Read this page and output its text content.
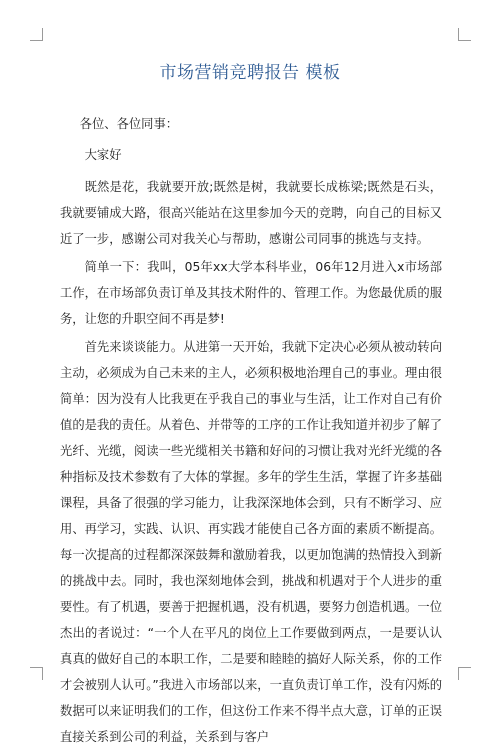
市场营销竞聘报告 模板

各位、各位同事：

大家好

既然是花，我就要开放;既然是树，我就要长成栋梁;既然是石头，我就要铺成大路，很高兴能站在这里参加今天的竞聘，向自己的目标又近了一步，感谢公司对我关心与帮助，感谢公司同事的挑选与支持。

简单一下：我叫，05年xx大学本科毕业，06年12月进入x市场部工作，在市场部负责订单及其技术附件的、管理工作。为您最优质的服务，让您的升职空间不再是梦!

首先来谈谈能力。从进第一天开始，我就下定决心必须从被动转向主动，必须成为自己未来的主人，必须积极地治理自己的事业。理由很简单：因为没有人比我更在乎我自己的事业与生活，让工作对自己有价值的是我的责任。从着色、并带等的工序的工作让我知道并初步了解了光纤、光缆，阅读一些光缆相关书籍和好问的习惯让我对光纤光缆的各种指标及技术参数有了大体的掌握。多年的学生生活，掌握了许多基础课程，具备了很强的学习能力，让我深深地体会到，只有不断学习、应用、再学习，实践、认识、再实践才能使自己各方面的素质不断提高。每一次提高的过程都深深鼓舞和激励着我，以更加饱满的热情投入到新的挑战中去。同时，我也深刻地体会到，挑战和机遇对于个人进步的重要性。有了机遇，要善于把握机遇，没有机遇，要努力创造机遇。一位杰出的者说过：“一个人在平凡的岗位上工作要做到两点，一是要认认真真的做好自己的本职工作，二是要和睦睦的搞好人际关系，你的工作才会被别人认可。”我进入市场部以来，一直负责订单工作，没有闪烁的数据可以来证明我们的工作，但这份工作来不得半点大意，订单的正误直接关系到公司的利益，关系到与客户
